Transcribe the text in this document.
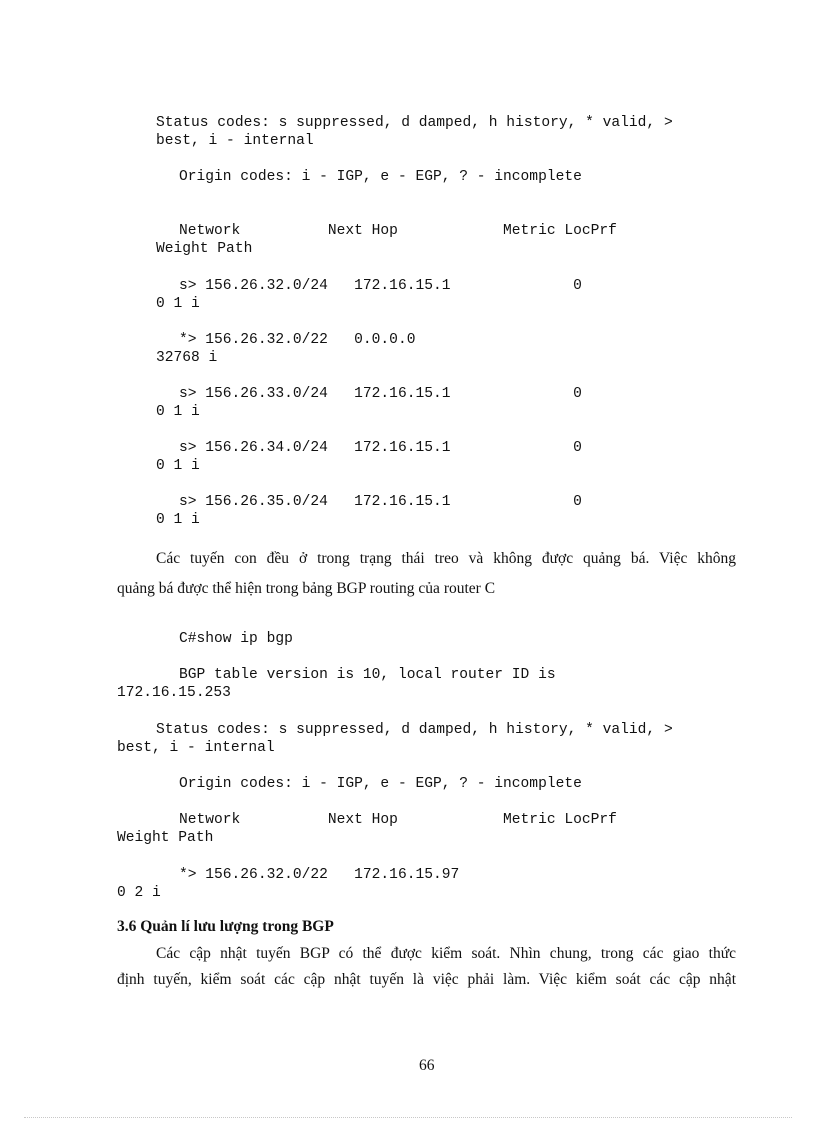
Status codes: s suppressed, d damped, h history, * valid, >
best, i - internal
Origin codes: i - IGP, e - EGP, ? - incomplete
Network          Next Hop            Metric LocPrf
Weight Path
s> 156.26.32.0/24   172.16.15.1              0
0 1 i
*> 156.26.32.0/22   0.0.0.0
32768 i
s> 156.26.33.0/24   172.16.15.1              0
0 1 i
s> 156.26.34.0/24   172.16.15.1              0
0 1 i
s> 156.26.35.0/24   172.16.15.1              0
0 1 i
Các tuyến con đều ở trong trạng thái treo và không được quảng bá. Việc không
quảng bá được thể hiện trong bảng BGP routing của router C
C#show ip bgp
BGP table version is 10, local router ID is
172.16.15.253
Status codes: s suppressed, d damped, h history, * valid, >
best, i - internal
Origin codes: i - IGP, e - EGP, ? - incomplete
Network          Next Hop            Metric LocPrf
Weight Path
*> 156.26.32.0/22   172.16.15.97
0 2 i
3.6 Quản lí lưu lượng trong BGP
Các cập nhật tuyến BGP có thể được kiểm soát. Nhìn chung, trong các giao thức
định tuyến, kiểm soát các cập nhật tuyến là việc phải làm. Việc kiểm soát các cập nhật
66
